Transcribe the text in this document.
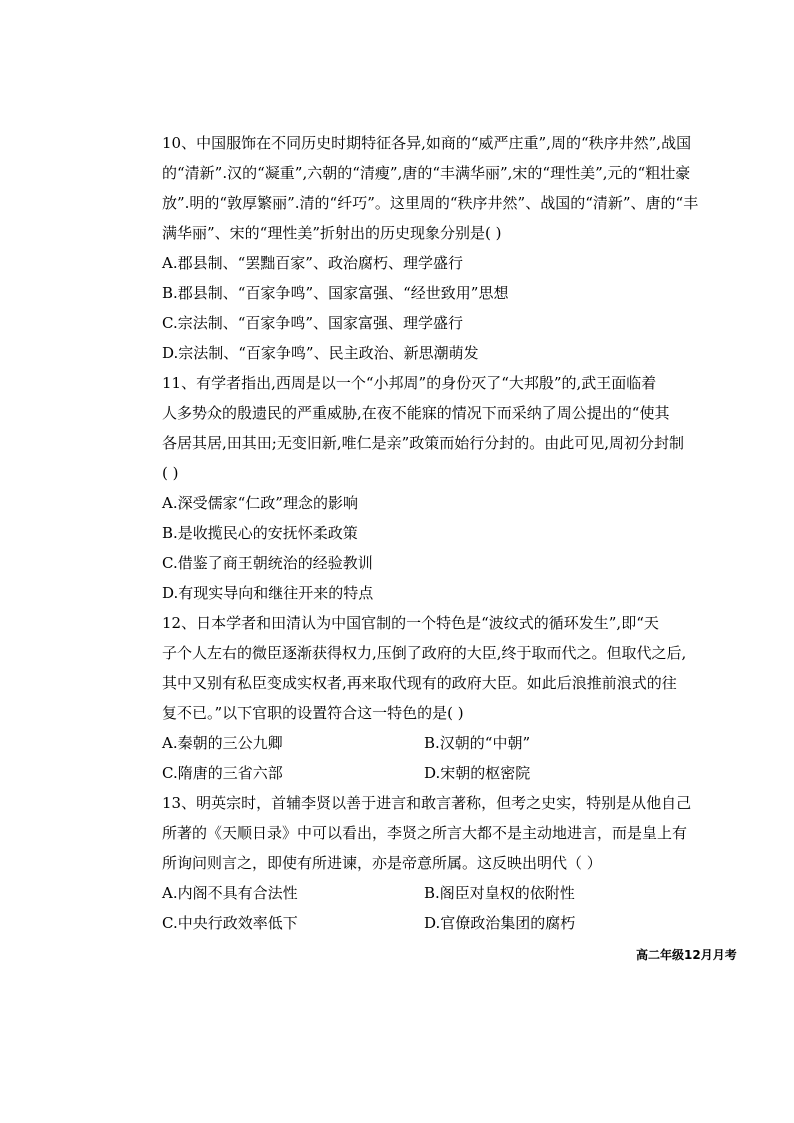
10、中国服饰在不同历史时期特征各异,如商的“威严庄重”,周的“秩序井然”,战国
的“清新”.汉的“凝重”,六朝的“清瘦”,唐的“丰满华丽”,宋的“理性美”,元的“粗壮豪
放”.明的“敦厚繁丽”.清的“纤巧”。这里周的“秩序井然”、战国的“清新”、唐的“丰
满华丽”、宋的“理性美”折射出的历史现象分别是( )
A.郡县制、“罢黜百家”、政治腐朽、理学盛行
B.郡县制、“百家争鸣”、国家富强、“经世致用”思想
C.宗法制、“百家争鸣”、国家富强、理学盛行
D.宗法制、“百家争鸣”、民主政治、新思潮萌发
11、有学者指出,西周是以一个“小邦周”的身份灭了“大邦殷”的,武王面临着
人多势众的殷遗民的严重威胁,在夜不能寐的情况下而采纳了周公提出的“使其
各居其居,田其田;无变旧新,唯仁是亲”政策而始行分封的。由此可见,周初分封制
( )
A.深受儒家“仁政”理念的影响
B.是收揽民心的安抚怀柔政策
C.借鉴了商王朝统治的经验教训
D.有现实导向和继往开来的特点
12、日本学者和田清认为中国官制的一个特色是“波纹式的循环发生”,即“天
子个人左右的微臣逐渐获得权力,压倒了政府的大臣,终于取而代之。但取代之后,
其中又别有私臣变成实权者,再来取代现有的政府大臣。如此后浪推前浪式的往
复不已。”以下官职的设置符合这一特色的是( )
A.秦朝的三公九卿	B.汉朝的“中朝”
C.隋唐的三省六部	D.宋朝的枢密院
13、明英宗时，首辅李贤以善于进言和敢言著称，但考之史实，特别是从他自己
所著的《天顺日录》中可以看出，李贤之所言大都不是主动地进言，而是皇上有
所询问则言之，即使有所进谏，亦是帝意所属。这反映出明代（ ）
A.内阁不具有合法性	B.阁臣对皇权的依附性
C.中央行政效率低下	D.官僚政治集团的腐朽
高二年级12月月考
